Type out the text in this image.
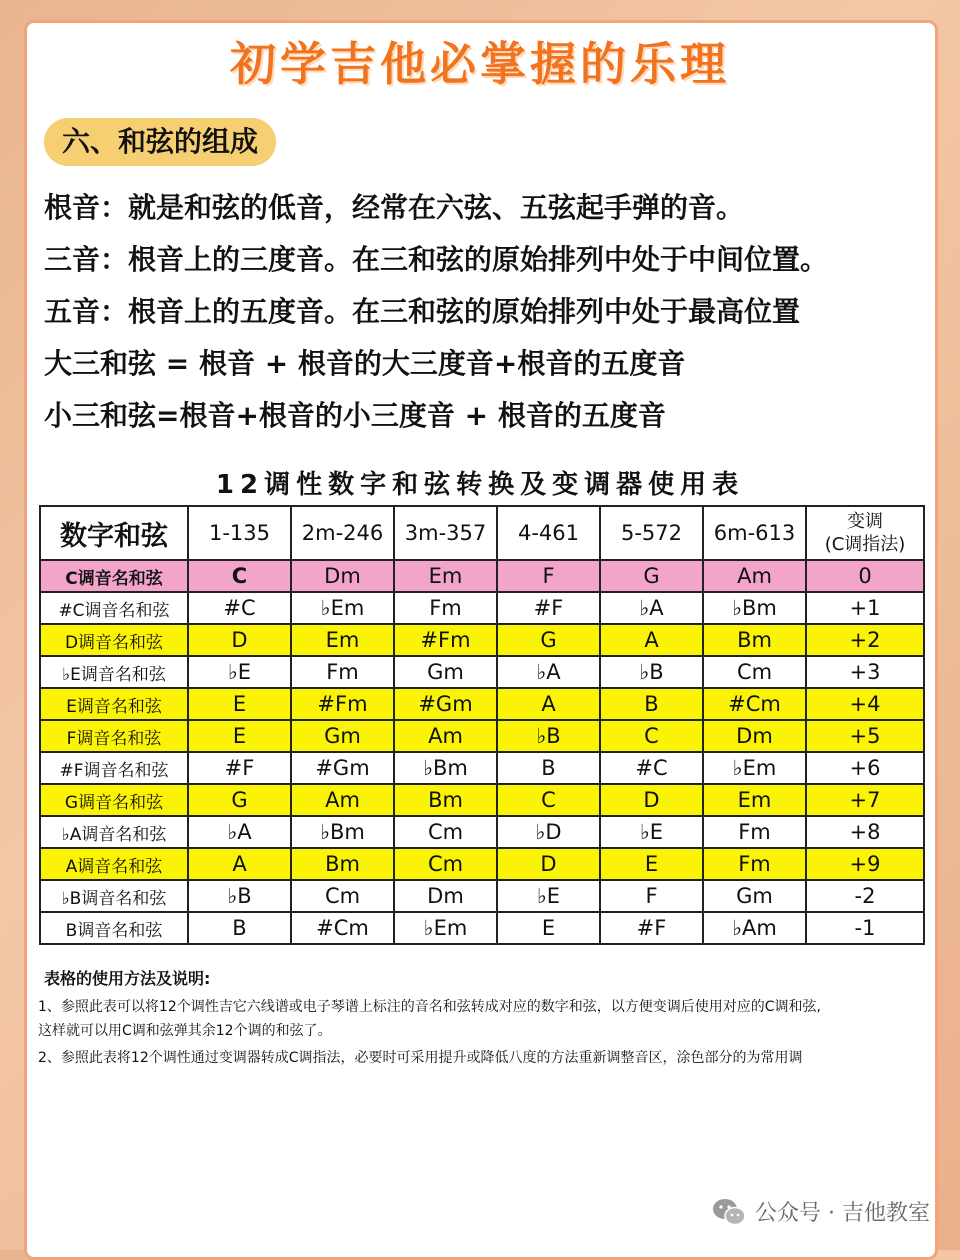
初学吉他必掌握的乐理
六、和弦的组成
根音：就是和弦的低音，经常在六弦、五弦起手弹的音。
三音：根音上的三度音。在三和弦的原始排列中处于中间位置。
五音：根音上的五度音。在三和弦的原始排列中处于最高位置
大三和弦 = 根音 + 根音的大三度音+根音的五度音
小三和弦=根音+根音的小三度音 + 根音的五度音
12调性数字和弦转换及变调器使用表
数字和弦	1-135	2m-246	3m-357	4-461	5-572	6m-613	变调
(C调指法)

C调音名和弦	C	Dm	Em	F	G	Am	0
#C调音名和弦	#C	♭Em	Fm	#F	♭A	♭Bm	+1
D调音名和弦	D	Em	#Fm	G	A	Bm	+2
♭E调音名和弦	♭E	Fm	Gm	♭A	♭B	Cm	+3
E调音名和弦	E	#Fm	#Gm	A	B	#Cm	+4
F调音名和弦	E	Gm	Am	♭B	C	Dm	+5
#F调音名和弦	#F	#Gm	♭Bm	B	#C	♭Em	+6
G调音名和弦	G	Am	Bm	C	D	Em	+7
♭A调音名和弦	♭A	♭Bm	Cm	♭D	♭E	Fm	+8
A调音名和弦	A	Bm	Cm	D	E	Fm	+9
♭B调音名和弦	♭B	Cm	Dm	♭E	F	Gm	-2
B调音名和弦	B	#Cm	♭Em	E	#F	♭Am	-1
表格的使用方法及说明:
1、参照此表可以将12个调性吉它六线谱或电子琴谱上标注的音名和弦转成对应的数字和弦，以方便变调后使用对应的C调和弦,
这样就可以用C调和弦弹其余12个调的和弦了。
2、参照此表将12个调性通过变调器转成C调指法，必要时可采用提升或降低八度的方法重新调整音区，涂色部分的为常用调
公众号 · 吉他教室
